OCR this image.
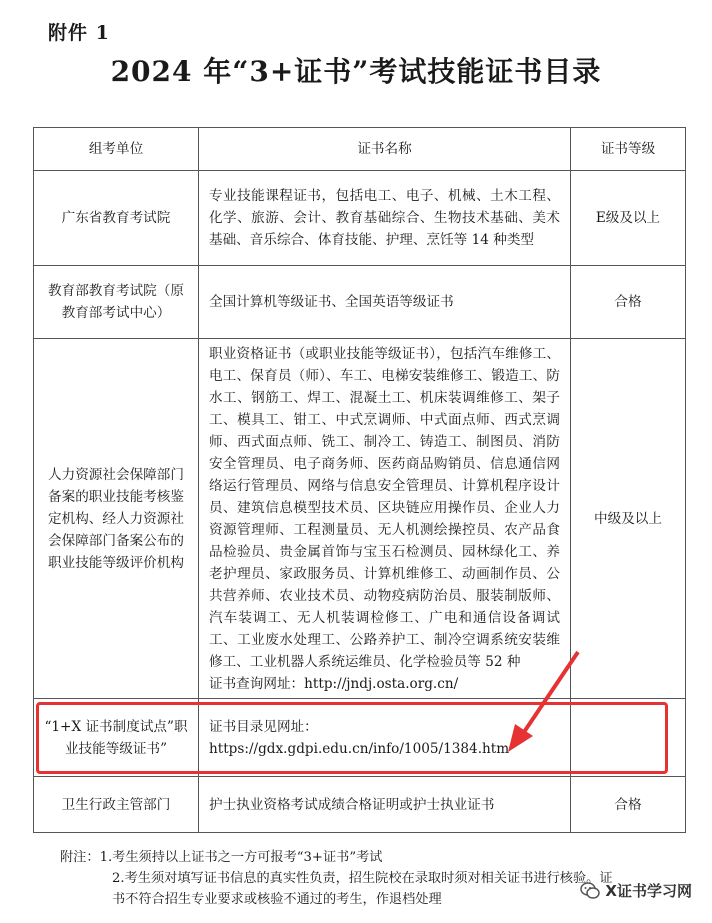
附件 1
2024 年“3+证书”考试技能证书目录
组考单位	证书名称	证书等级
广东省教育考试院	专业技能课程证书，包括电工、电子、机械、土木工程、化学、旅游、会计、教育基础综合、生物技术基础、美术基础、音乐综合、体育技能、护理、烹饪等 14 种类型	E级及以上
教育部教育考试院（原教育部考试中心）	全国计算机等级证书、全国英语等级证书	合格
人力资源社会保障部门备案的职业技能考核鉴定机构、经人力资源社会保障部门备案公布的职业技能等级评价机构	职业资格证书（或职业技能等级证书），包括汽车维修工、电工、保育员（师）、车工、电梯安装维修工、锻造工、防水工、钢筋工、焊工、混凝土工、机床装调维修工、架子工、模具工、钳工、中式烹调师、中式面点师、西式烹调师、西式面点师、铣工、制冷工、铸造工、制图员、消防安全管理员、电子商务师、医药商品购销员、信息通信网络运行管理员、网络与信息安全管理员、计算机程序设计员、建筑信息模型技术员、区块链应用操作员、企业人力资源管理师、工程测量员、无人机测绘操控员、农产品食品检验员、贵金属首饰与宝玉石检测员、园林绿化工、养老护理员、家政服务员、计算机维修工、动画制作员、公共营养师、农业技术员、动物疫病防治员、服装制版师、汽车装调工、无人机装调检修工、广电和通信设备调试工、工业废水处理工、公路养护工、制冷空调系统安装维修工、工业机器人系统运维员、化学检验员等 52 种

证书查询网址：http://jndj.osta.org.cn/	中级及以上
“1+X 证书制度试点”职业技能等级证书”	证书目录见网址：

https://gdx.gdpi.edu.cn/info/1005/1384.htm	

卫生行政主管部门	护士执业资格考试成绩合格证明或护士执业证书	合格
附注：1.考生须持以上证书之一方可报考“3+证书”考试
2.考生须对填写证书信息的真实性负责，招生院校在录取时须对相关证书进行核验。证
书不符合招生专业要求或核验不通过的考生，作退档处理	X证书学习网
